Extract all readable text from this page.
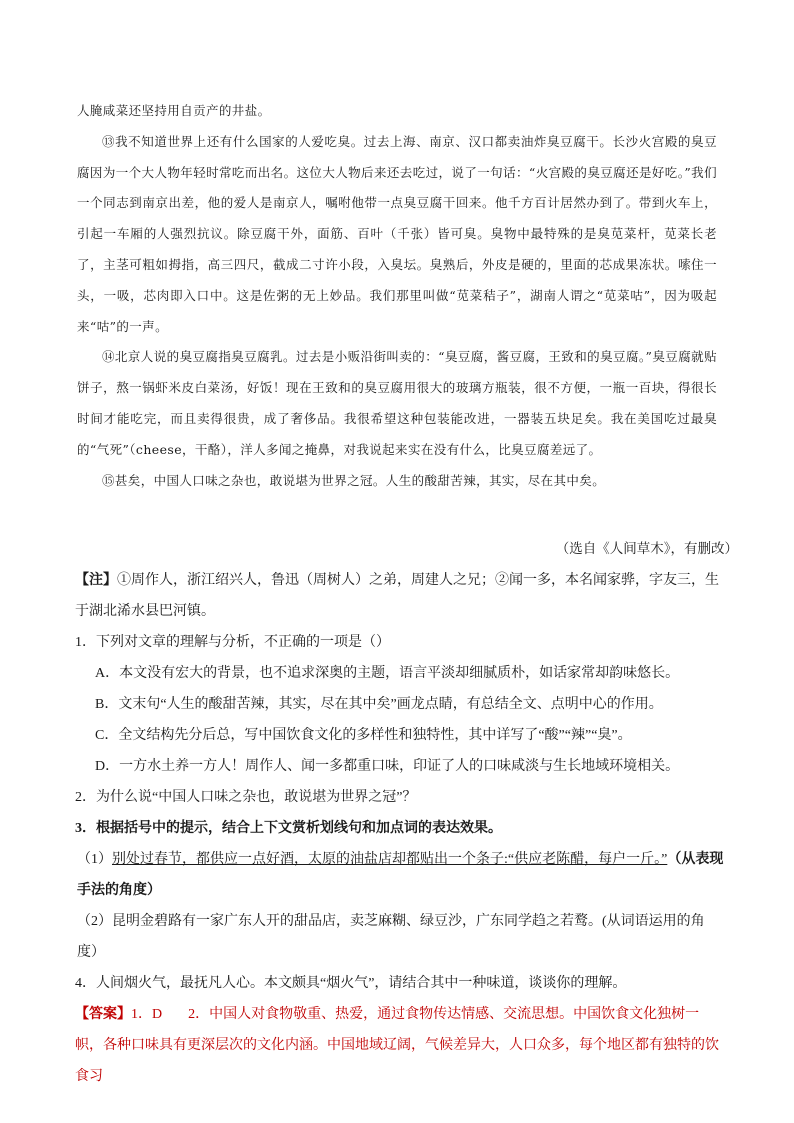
人腌咸菜还坚持用自贡产的井盐。

⑬我不知道世界上还有什么国家的人爱吃臭。过去上海、南京、汉口都卖油炸臭豆腐干。长沙火宫殿的臭豆腐因为一个大人物年轻时常吃而出名。这位大人物后来还去吃过，说了一句话：“火宫殿的臭豆腐还是好吃。”我们一个同志到南京出差，他的爱人是南京人，嘱咐他带一点臭豆腐干回来。他千方百计居然办到了。带到火车上，引起一车厢的人强烈抗议。除豆腐干外，面筋、百叶（千张）皆可臭。臭物中最特殊的是臭苋菜杆，苋菜长老了，主茎可粗如拇指，高三四尺，截成二寸许小段，入臭坛。臭熟后，外皮是硬的，里面的芯成果冻状。嗦住一头，一吸，芯肉即入口中。这是佐粥的无上妙品。我们那里叫做“苋菜秸子”，湖南人谓之“苋菜咕”，因为吸起来“咕”的一声。

⑭北京人说的臭豆腐指臭豆腐乳。过去是小贩沿街叫卖的：“臭豆腐，酱豆腐，王致和的臭豆腐。”臭豆腐就贴饼子，熬一锅虾米皮白菜汤，好饭！现在王致和的臭豆腐用很大的玻璃方瓶装，很不方便，一瓶一百块，得很长时间才能吃完，而且卖得很贵，成了奢侈品。我很希望这种包装能改进，一器装五块足矣。我在美国吃过最臭的“气死”（cheese，干酪），洋人多闻之掩鼻，对我说起来实在没有什么，比臭豆腐差远了。

⑮甚矣，中国人口味之杂也，敢说堪为世界之冠。人生的酸甜苦辣，其实，尽在其中矣。

（选自《人间草木》，有删改）

【注】①周作人，浙江绍兴人，鲁迅（周树人）之弟，周建人之兄；②闻一多，本名闻家骅，字友三，生于湖北浠水县巴河镇。

1．下列对文章的理解与分析，不正确的一项是（）

A．本文没有宏大的背景，也不追求深奥的主题，语言平淡却细腻质朴，如话家常却韵味悠长。

B．文末句“人生的酸甜苦辣，其实，尽在其中矣”画龙点睛，有总结全文、点明中心的作用。

C．全文结构先分后总，写中国饮食文化的多样性和独特性，其中详写了“酸”“辣”“臭”。

D．一方水土养一方人！周作人、闻一多都重口味，印证了人的口味咸淡与生长地域环境相关。

2．为什么说“中国人口味之杂也，敢说堪为世界之冠”？

3．根据括号中的提示，结合上下文赏析划线句和加点词的表达效果。

（1）别处过春节，都供应一点好酒，太原的油盐店却都贴出一个条子:“供应老陈醋，每户一斤。”（从表现手法的角度）

（2）昆明金碧路有一家广东人开的甜品店，卖芝麻糊、绿豆沙，广东同学趋之若鹜。(从词语运用的角度）

4．人间烟火气，最抚凡人心。本文颇具“烟火气”，请结合其中一种味道，谈谈你的理解。

【答案】1．D 2．中国人对食物敬重、热爱，通过食物传达情感、交流思想。中国饮食文化独树一帜，各种口味具有更深层次的文化内涵。中国地域辽阔，气候差异大，人口众多，每个地区都有独特的饮食习
